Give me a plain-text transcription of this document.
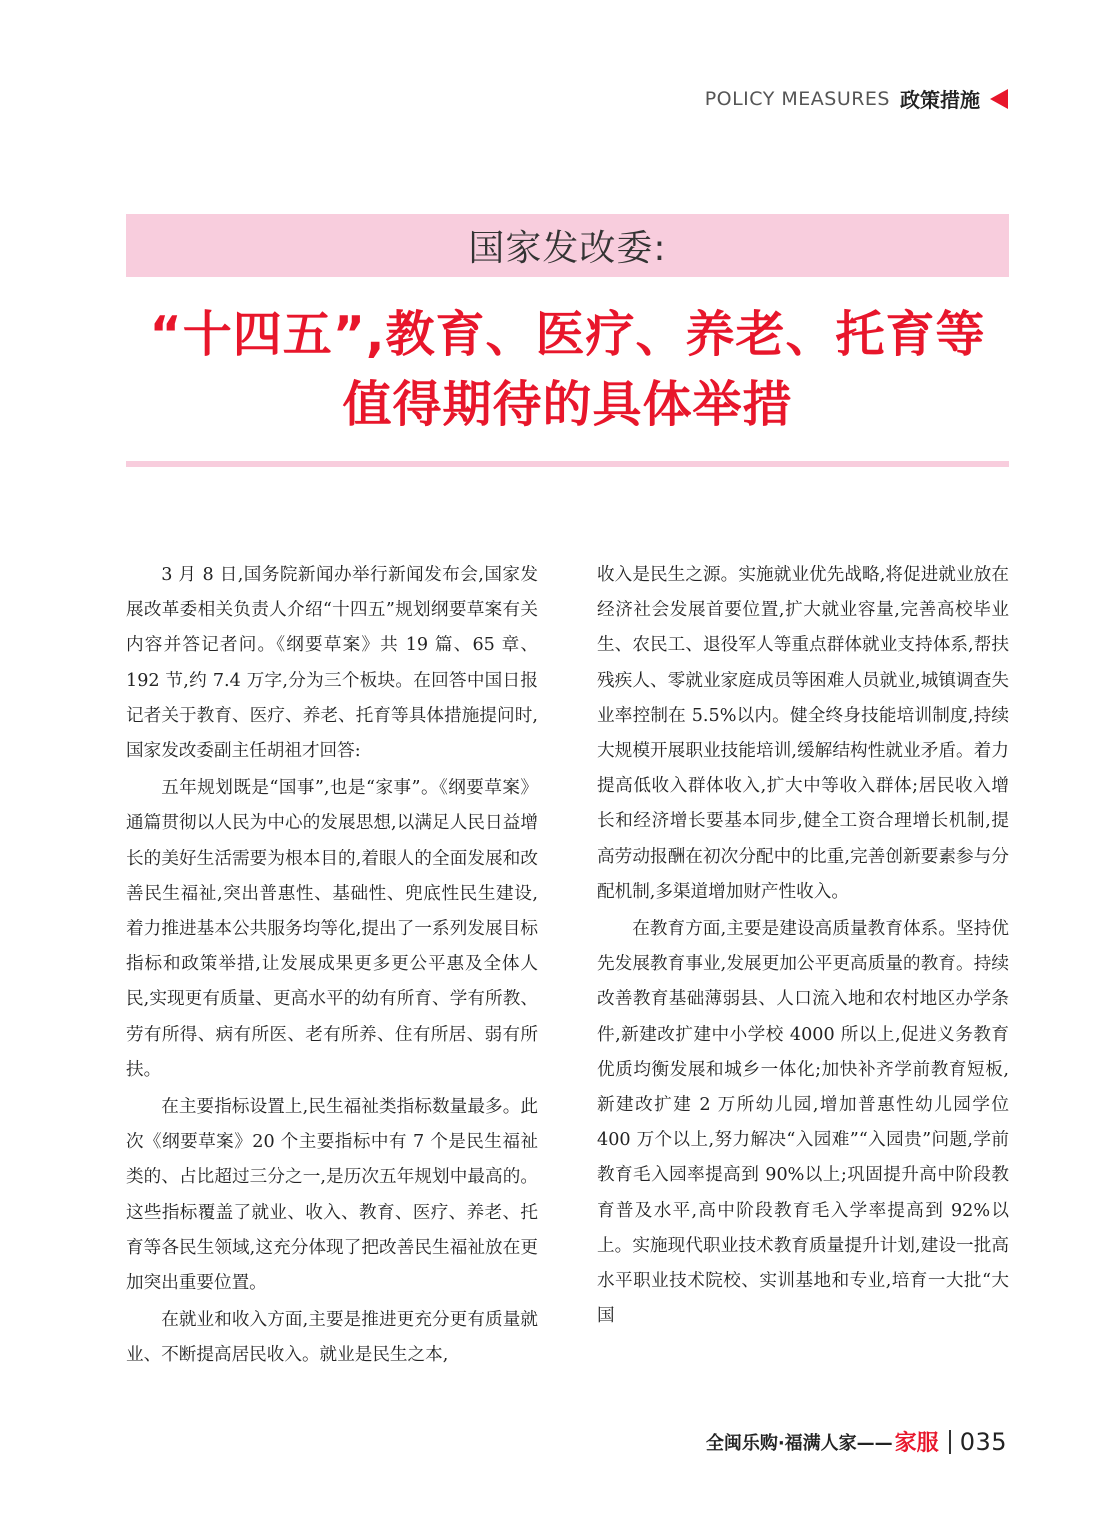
POLICY MEASURES 政策措施
国家发改委:
“十四五”,教育、医疗、养老、托育等
值得期待的具体举措

3 月 8 日,国务院新闻办举行新闻发布会,国家发展改革委相关负责人介绍“十四五”规划纲要草案有关内容并答记者问。《纲要草案》共 19 篇、65 章、192 节,约 7.4 万字,分为三个板块。在回答中国日报记者关于教育、医疗、养老、托育等具体措施提问时,国家发改委副主任胡祖才回答:

五年规划既是“国事”,也是“家事”。《纲要草案》通篇贯彻以人民为中心的发展思想,以满足人民日益增长的美好生活需要为根本目的,着眼人的全面发展和改善民生福祉,突出普惠性、基础性、兜底性民生建设,着力推进基本公共服务均等化,提出了一系列发展目标指标和政策举措,让发展成果更多更公平惠及全体人民,实现更有质量、更高水平的幼有所育、学有所教、劳有所得、病有所医、老有所养、住有所居、弱有所扶。

在主要指标设置上,民生福祉类指标数量最多。此次《纲要草案》20 个主要指标中有 7 个是民生福祉类的、占比超过三分之一,是历次五年规划中最高的。这些指标覆盖了就业、收入、教育、医疗、养老、托育等各民生领域,这充分体现了把改善民生福祉放在更加突出重要位置。

在就业和收入方面,主要是推进更充分更有质量就业、不断提高居民收入。就业是民生之本,

收入是民生之源。实施就业优先战略,将促进就业放在经济社会发展首要位置,扩大就业容量,完善高校毕业生、农民工、退役军人等重点群体就业支持体系,帮扶残疾人、零就业家庭成员等困难人员就业,城镇调查失业率控制在 5.5%以内。健全终身技能培训制度,持续大规模开展职业技能培训,缓解结构性就业矛盾。着力提高低收入群体收入,扩大中等收入群体;居民收入增长和经济增长要基本同步,健全工资合理增长机制,提高劳动报酬在初次分配中的比重,完善创新要素参与分配机制,多渠道增加财产性收入。

在教育方面,主要是建设高质量教育体系。坚持优先发展教育事业,发展更加公平更高质量的教育。持续改善教育基础薄弱县、人口流入地和农村地区办学条件,新建改扩建中小学校 4000 所以上,促进义务教育优质均衡发展和城乡一体化;加快补齐学前教育短板,新建改扩建 2 万所幼儿园,增加普惠性幼儿园学位 400 万个以上,努力解决“入园难”“入园贵”问题,学前教育毛入园率提高到 90%以上;巩固提升高中阶段教育普及水平,高中阶段教育毛入学率提高到 92%以上。实施现代职业技术教育质量提升计划,建设一批高水平职业技术院校、实训基地和专业,培育一大批“大国

全闽乐购·福满人家—— 家服 035
